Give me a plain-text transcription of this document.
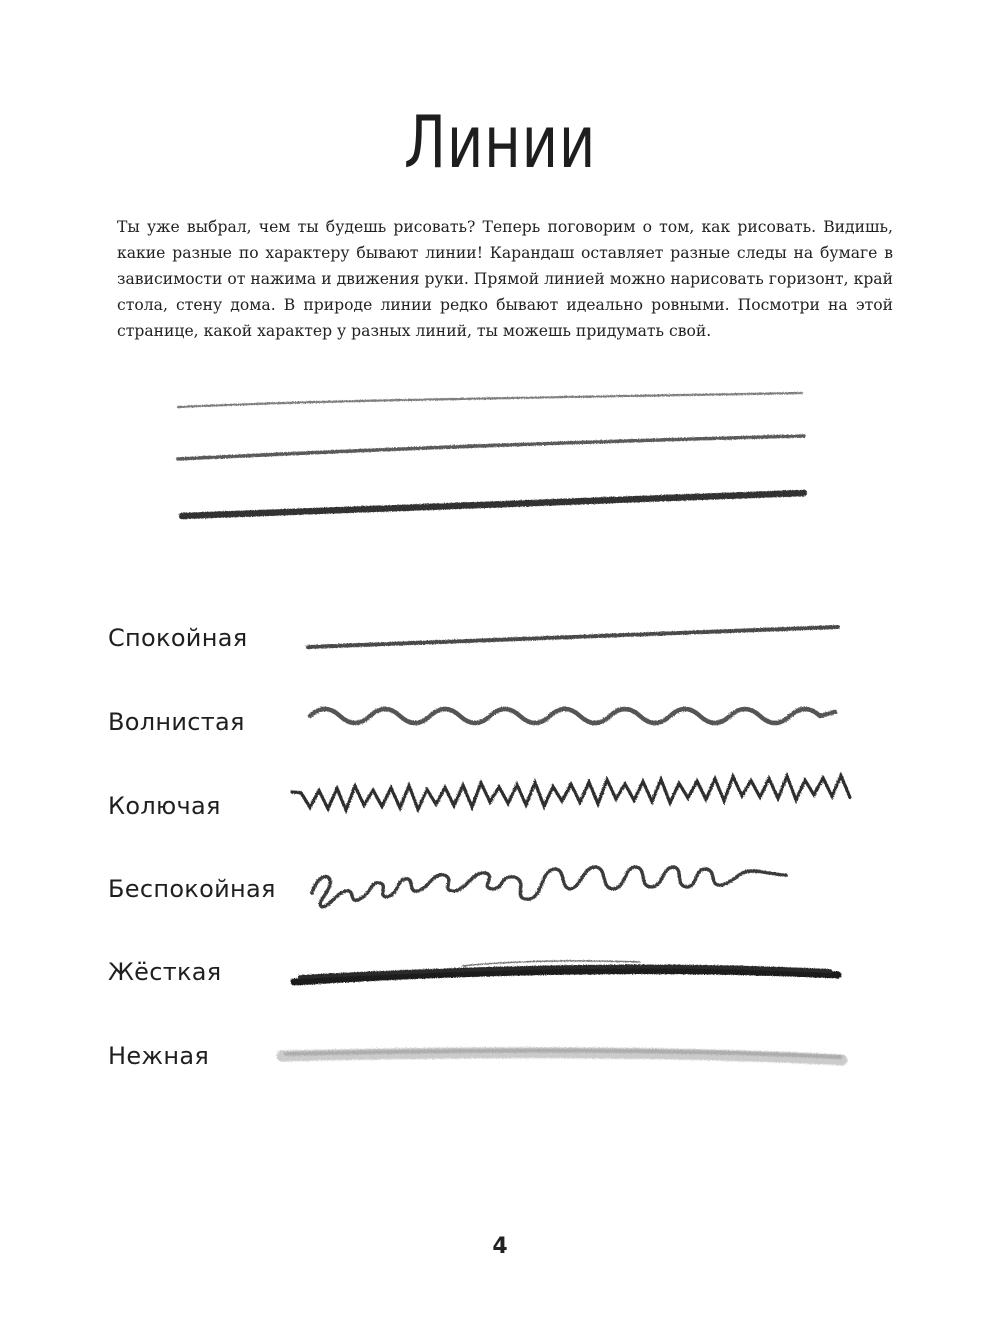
Линии

Ты уже выбрал, чем ты будешь рисовать? Теперь поговорим о том, как рисовать. Видишь, какие разные по характеру бывают линии! Карандаш оставляет разные следы на бумаге в зависимости от нажима и движения руки. Прямой линией можно нарисовать горизонт, край стола, стену дома. В природе линии редко бывают идеально ровными. Посмотри на этой странице, какой характер у разных линий, ты можешь придумать свой.

Спокойная
Волнистая
Колючая
Беспокойная
Жёсткая
Нежная
4
